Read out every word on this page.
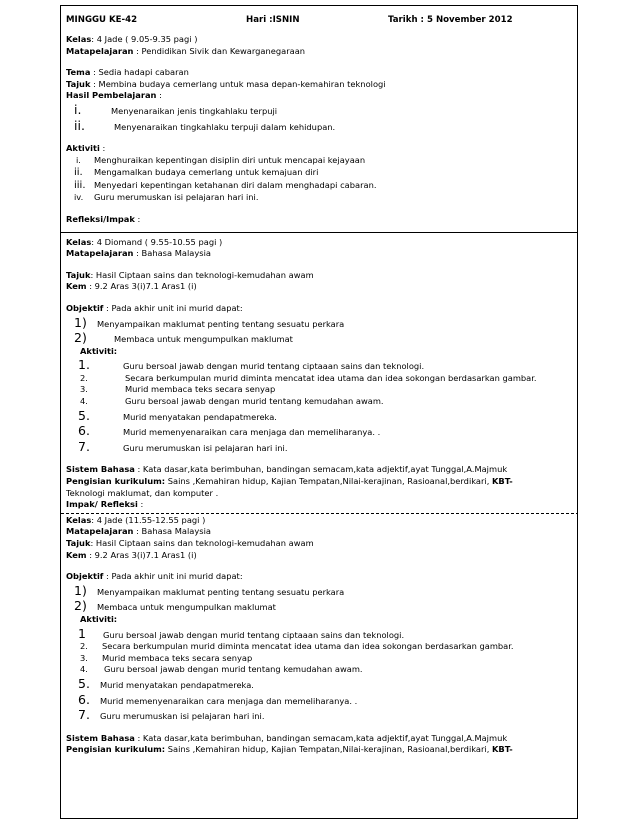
MINGGU KE-42	Hari :ISNIN	Tarikh : 5 November 2012
Kelas: 4 Jade ( 9.05-9.35 pagi )
Matapelajaran : Pendidikan Sivik dan Kewarganegaraan
Tema : Sedia hadapi cabaran
Tajuk : Membina budaya cemerlang untuk masa depan-kemahiran teknologi
Hasil Pembelajaran :
i.	Menyenaraikan jenis tingkahlaku terpuji
ii.	Menyenaraikan tingkahlaku terpuji dalam kehidupan.
Aktiviti :
i.	Menghuraikan kepentingan disiplin diri untuk mencapai kejayaan
ii.	Mengamalkan budaya cemerlang untuk kemajuan diri
iii.	Menyedari kepentingan ketahanan diri dalam menghadapi cabaran.
iv.	Guru merumuskan isi pelajaran hari ini.
Refleksi/Impak :
Kelas: 4 Diomand ( 9.55-10.55 pagi )
Matapelajaran : Bahasa Malaysia
Tajuk: Hasil Ciptaan sains dan teknologi-kemudahan awam
Kem : 9.2 Aras 3(i)7.1 Aras1 (i)
Objektif : Pada akhir unit ini murid dapat:
1)	Menyampaikan maklumat penting tentang sesuatu perkara
2)	Membaca untuk mengumpulkan maklumat
Aktiviti:
1.	Guru bersoal jawab dengan murid tentang ciptaaan sains dan teknologi.
2.	Secara berkumpulan murid diminta mencatat idea utama dan idea sokongan berdasarkan gambar.
3.	Murid membaca teks secara senyap
4.	Guru bersoal jawab dengan murid tentang kemudahan awam.
5.	Murid menyatakan pendapatmereka.
6.	Murid memenyenaraikan cara menjaga dan memeliharanya. .
7.	Guru merumuskan isi pelajaran hari ini.
Sistem Bahasa : Kata dasar,kata berimbuhan, bandingan semacam,kata adjektif,ayat Tunggal,A.Majmuk
Pengisian kurikulum: Sains ,Kemahiran hidup, Kajian Tempatan,Nilai-kerajinan, Rasioanal,berdikari, KBT-
Teknologi maklumat, dan komputer .
Impak/ Refleksi :
Kelas: 4 Jade (11.55-12.55 pagi )
Matapelajaran : Bahasa Malaysia
Tajuk: Hasil Ciptaan sains dan teknologi-kemudahan awam
Kem : 9.2 Aras 3(i)7.1 Aras1 (i)
Objektif : Pada akhir unit ini murid dapat:
1)	Menyampaikan maklumat penting tentang sesuatu perkara
2)	Membaca untuk mengumpulkan maklumat
Aktiviti:
1	Guru bersoal jawab dengan murid tentang ciptaaan sains dan teknologi.
2.	Secara berkumpulan murid diminta mencatat idea utama dan idea sokongan berdasarkan gambar.
3.	Murid membaca teks secara senyap
4.	Guru bersoal jawab dengan murid tentang kemudahan awam.
5.	Murid menyatakan pendapatmereka.
6.	Murid memenyenaraikan cara menjaga dan memeliharanya. .
7.	Guru merumuskan isi pelajaran hari ini.
Sistem Bahasa : Kata dasar,kata berimbuhan, bandingan semacam,kata adjektif,ayat Tunggal,A.Majmuk
Pengisian kurikulum: Sains ,Kemahiran hidup, Kajian Tempatan,Nilai-kerajinan, Rasioanal,berdikari, KBT-
